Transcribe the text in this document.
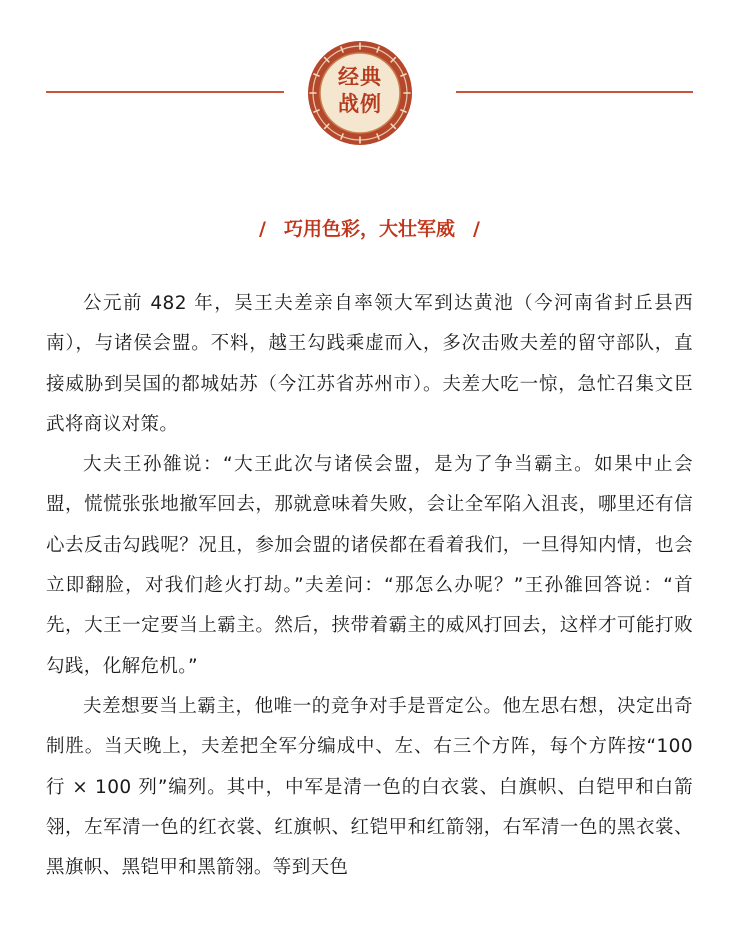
经典
战例
/ 巧用色彩，大壮军威 /

公元前 482 年，吴王夫差亲自率领大军到达黄池（今河南省封丘县西南），与诸侯会盟。不料，越王勾践乘虚而入，多次击败夫差的留守部队，直接威胁到吴国的都城姑苏（今江苏省苏州市）。夫差大吃一惊，急忙召集文臣武将商议对策。

大夫王孙雒说：“大王此次与诸侯会盟，是为了争当霸主。如果中止会盟，慌慌张张地撤军回去，那就意味着失败，会让全军陷入沮丧，哪里还有信心去反击勾践呢？况且，参加会盟的诸侯都在看着我们，一旦得知内情，也会立即翻脸，对我们趁火打劫。”夫差问：“那怎么办呢？”王孙雒回答说：“首先，大王一定要当上霸主。然后，挟带着霸主的威风打回去，这样才可能打败勾践，化解危机。”

夫差想要当上霸主，他唯一的竞争对手是晋定公。他左思右想，决定出奇制胜。当天晚上，夫差把全军分编成中、左、右三个方阵，每个方阵按“100 行 × 100 列”编列。其中，中军是清一色的白衣裳、白旗帜、白铠甲和白箭翎，左军清一色的红衣裳、红旗帜、红铠甲和红箭翎，右军清一色的黑衣裳、黑旗帜、黑铠甲和黑箭翎。等到天色
